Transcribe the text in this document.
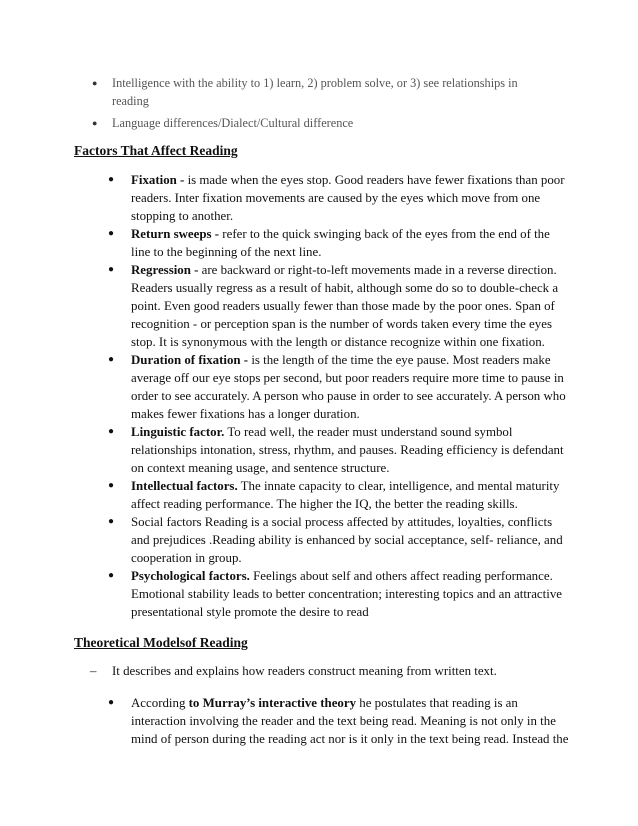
● Intelligence with the ability to 1) learn, 2) problem solve, or 3) see relationships in reading
● Language differences/Dialect/Cultural difference
Factors That Affect Reading
● Fixation - is made when the eyes stop. Good readers have fewer fixations than poor readers. Inter fixation movements are caused by the eyes which move from one stopping to another.
● Return sweeps - refer to the quick swinging back of the eyes from the end of the line to the beginning of the next line.
● Regression - are backward or right-to-left movements made in a reverse direction. Readers usually regress as a result of habit, although some do so to double-check a point. Even good readers usually fewer than those made by the poor ones. Span of recognition - or perception span is the number of words taken every time the eyes stop. It is synonymous with the length or distance recognize within one fixation.
● Duration of fixation - is the length of the time the eye pause. Most readers make average off our eye stops per second, but poor readers require more time to pause in order to see accurately. A person who pause in order to see accurately. A person who makes fewer fixations has a longer duration.
● Linguistic factor. To read well, the reader must understand sound symbol relationships intonation, stress, rhythm, and pauses. Reading efficiency is defendant on context meaning usage, and sentence structure.
● Intellectual factors. The innate capacity to clear, intelligence, and mental maturity affect reading performance. The higher the IQ, the better the reading skills.
● Social factors Reading is a social process affected by attitudes, loyalties, conflicts and prejudices .Reading ability is enhanced by social acceptance, self- reliance, and cooperation in group.
● Psychological factors. Feelings about self and others affect reading performance. Emotional stability leads to better concentration; interesting topics and an attractive presentational style promote the desire to read
Theoretical Modelsof Reading
– It describes and explains how readers construct meaning from written text.
● According to Murray’s interactive theory he postulates that reading is an interaction involving the reader and the text being read. Meaning is not only in the mind of person during the reading act nor is it only in the text being read. Instead the
